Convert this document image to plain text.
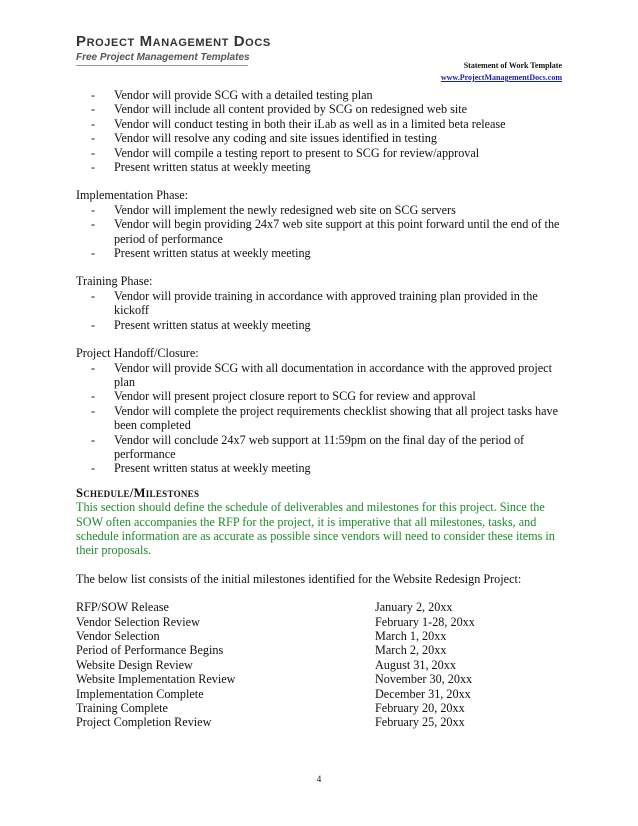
Project Management Docs
Free Project Management Templates
Statement of Work Template
www.ProjectManagementDocs.com
- Vendor will provide SCG with a detailed testing plan
- Vendor will include all content provided by SCG on redesigned web site
- Vendor will conduct testing in both their iLab as well as in a limited beta release
- Vendor will resolve any coding and site issues identified in testing
- Vendor will compile a testing report to present to SCG for review/approval
- Present written status at weekly meeting
Implementation Phase:
- Vendor will implement the newly redesigned web site on SCG servers
- Vendor will begin providing 24x7 web site support at this point forward until the end of the period of performance
- Present written status at weekly meeting
Training Phase:
- Vendor will provide training in accordance with approved training plan provided in the kickoff
- Present written status at weekly meeting
Project Handoff/Closure:
- Vendor will provide SCG with all documentation in accordance with the approved project plan
- Vendor will present project closure report to SCG for review and approval
- Vendor will complete the project requirements checklist showing that all project tasks have been completed
- Vendor will conclude 24x7 web support at 11:59pm on the final day of the period of performance
- Present written status at weekly meeting
Schedule/Milestones
This section should define the schedule of deliverables and milestones for this project. Since the SOW often accompanies the RFP for the project, it is imperative that all milestones, tasks, and schedule information are as accurate as possible since vendors will need to consider these items in their proposals.
The below list consists of the initial milestones identified for the Website Redesign Project:
RFP/SOW Release	January 2, 20xx
Vendor Selection Review	February 1-28, 20xx
Vendor Selection	March 1, 20xx
Period of Performance Begins	March 2, 20xx
Website Design Review	August 31, 20xx
Website Implementation Review	November 30, 20xx
Implementation Complete	December 31, 20xx
Training Complete	February 20, 20xx
Project Completion Review	February 25, 20xx
4
